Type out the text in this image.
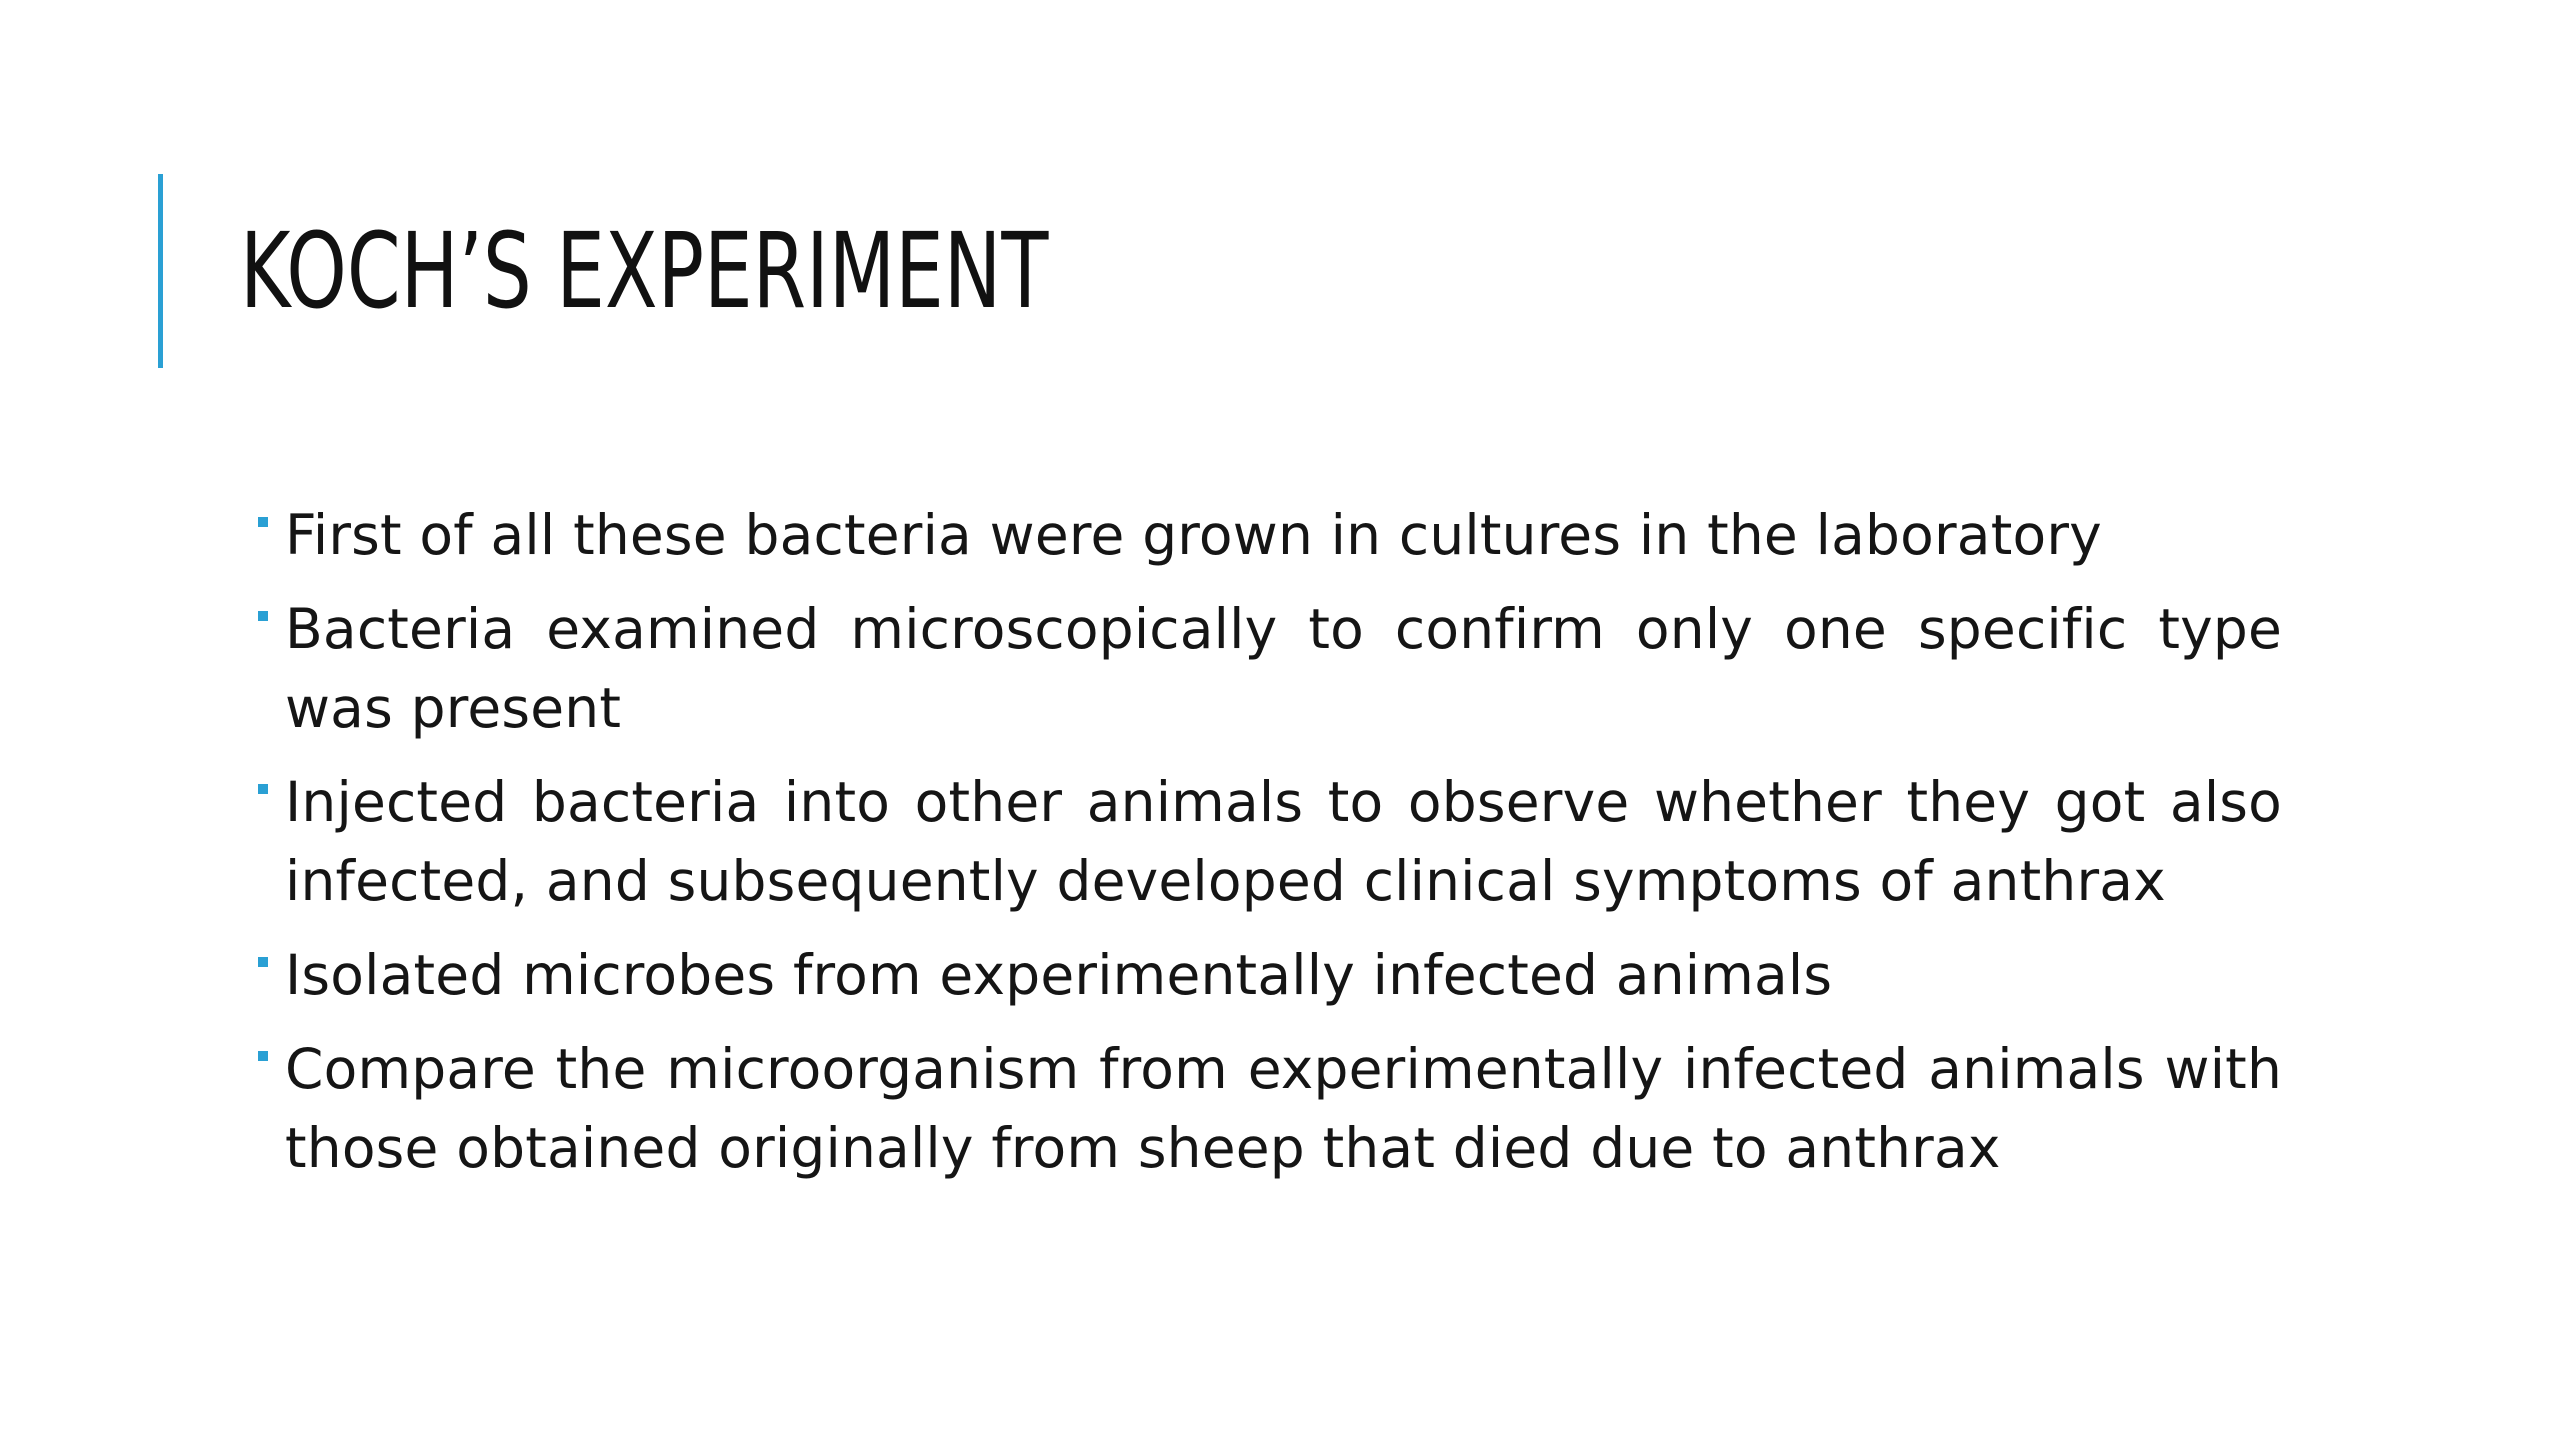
KOCH’S EXPERIMENT
First of all these bacteria were grown in cultures in the laboratory
Bacteria examined microscopically to confirm only one specific type was present
Injected bacteria into other animals to observe whether they got also infected, and subsequently developed clinical symptoms of anthrax
Isolated microbes from experimentally infected animals
Compare the microorganism from experimentally infected animals with those obtained originally from sheep that died due to anthrax
